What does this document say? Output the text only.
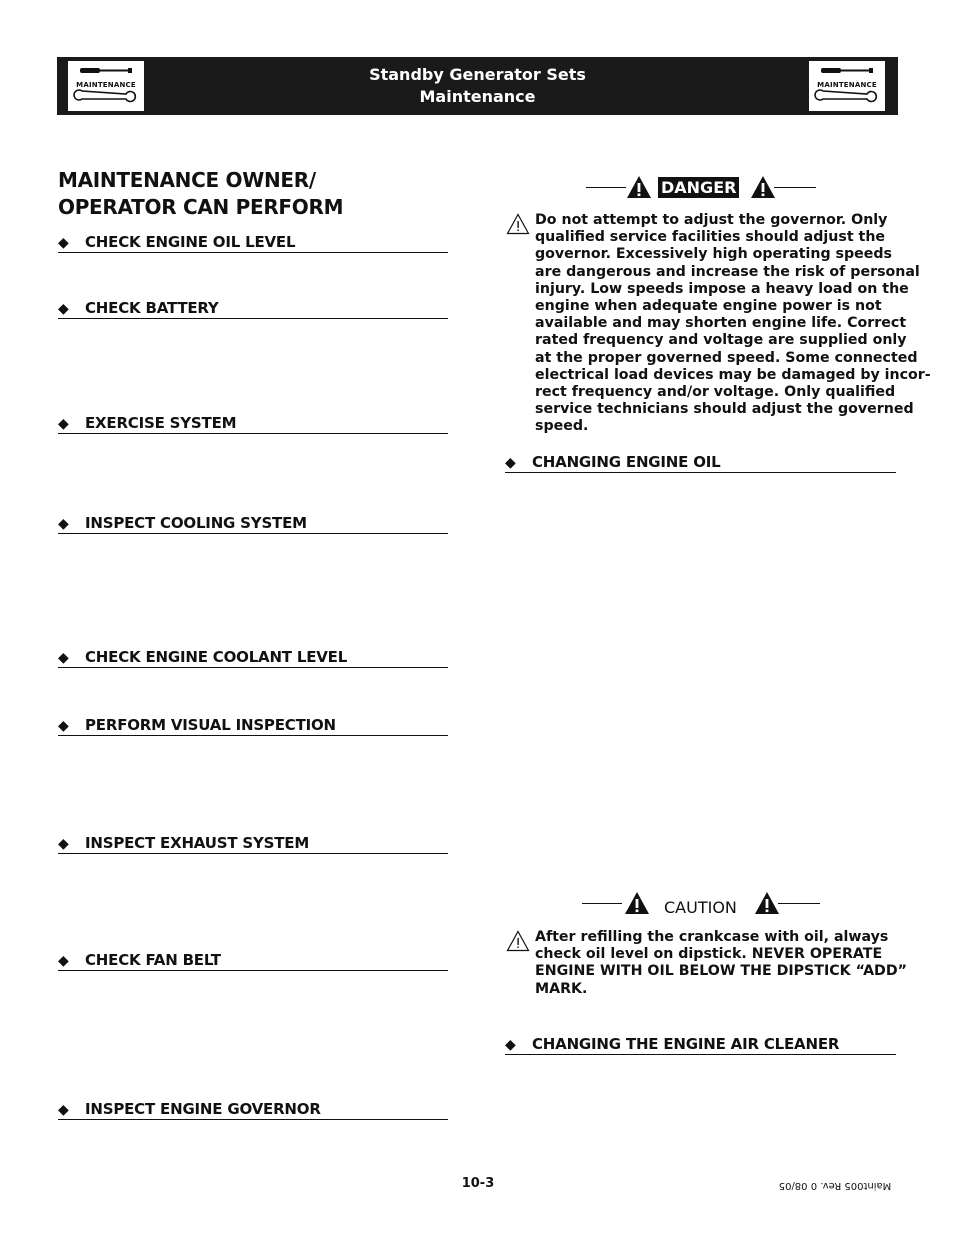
MAINTENANCE
Standby Generator Sets
Maintenance
MAINTENANCE
MAINTENANCE OWNER/
OPERATOR CAN PERFORM
◆ CHECK ENGINE OIL LEVEL
◆ CHECK BATTERY
◆ EXERCISE SYSTEM
◆ INSPECT COOLING SYSTEM
◆ CHECK ENGINE COOLANT LEVEL
◆ PERFORM VISUAL INSPECTION
◆ INSPECT EXHAUST SYSTEM
◆ CHECK FAN BELT
◆ INSPECT ENGINE GOVERNOR
DANGER
Do not attempt to adjust the governor. Only
qualified service facilities should adjust the
governor. Excessively high operating speeds
are dangerous and increase the risk of personal
injury. Low speeds impose a heavy load on the
engine when adequate engine power is not
available and may shorten engine life. Correct
rated frequency and voltage are supplied only
at the proper governed speed. Some connected
electrical load devices may be damaged by incor-
rect frequency and/or voltage. Only qualified
service technicians should adjust the governed
speed.
◆ CHANGING ENGINE OIL
CAUTION
After refilling the crankcase with oil, always
check oil level on dipstick. NEVER OPERATE
ENGINE WITH OIL BELOW THE DIPSTICK “ADD”
MARK.
◆ CHANGING THE ENGINE AIR CLEANER
10-3	Maint005 Rev. 0 08/05
